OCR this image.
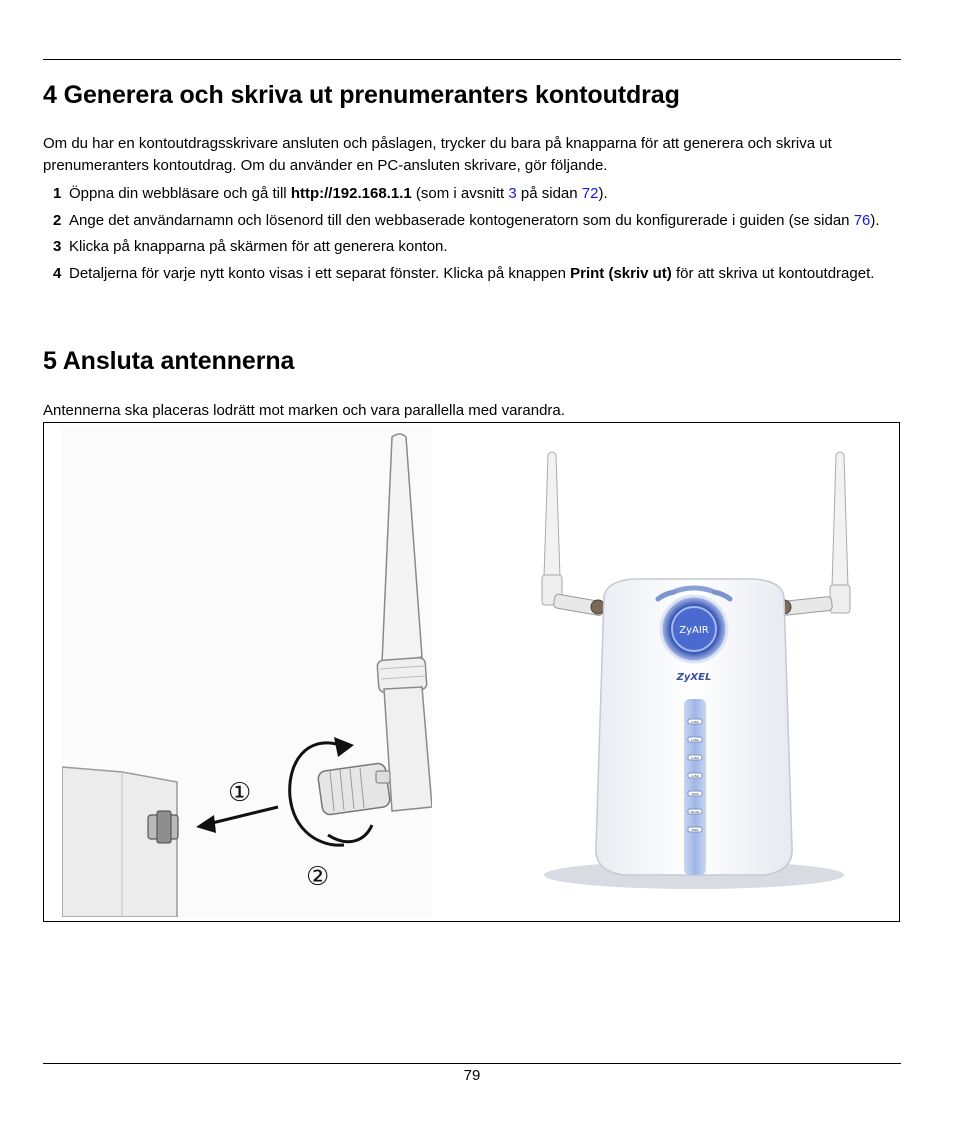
4 Generera och skriva ut prenumeranters kontoutdrag

Om du har en kontoutdragsskrivare ansluten och påslagen, trycker du bara på knapparna för att generera och skriva ut prenumeranters kontoutdrag. Om du använder en PC-ansluten skrivare, gör följande.

1 Öppna din webbläsare och gå till http://192.168.1.1 (som i avsnitt 3 på sidan 72).
2 Ange det användarnamn och lösenord till den webbaserade kontogeneratorn som du konfigurerade i guiden (se sidan 76).
3 Klicka på knapparna på skärmen för att generera konton.
4 Detaljerna för varje nytt konto visas i ett separat fönster. Klicka på knappen Print (skriv ut) för att skriva ut kontoutdraget.
5 Ansluta antennerna

Antennerna ska placeras lodrätt mot marken och vara parallella med varandra.

①
②
ZyAIR
ZyXEL
LAN1
LAN2
LAN3
LAN4
WAN
WLAN
PWR
79
